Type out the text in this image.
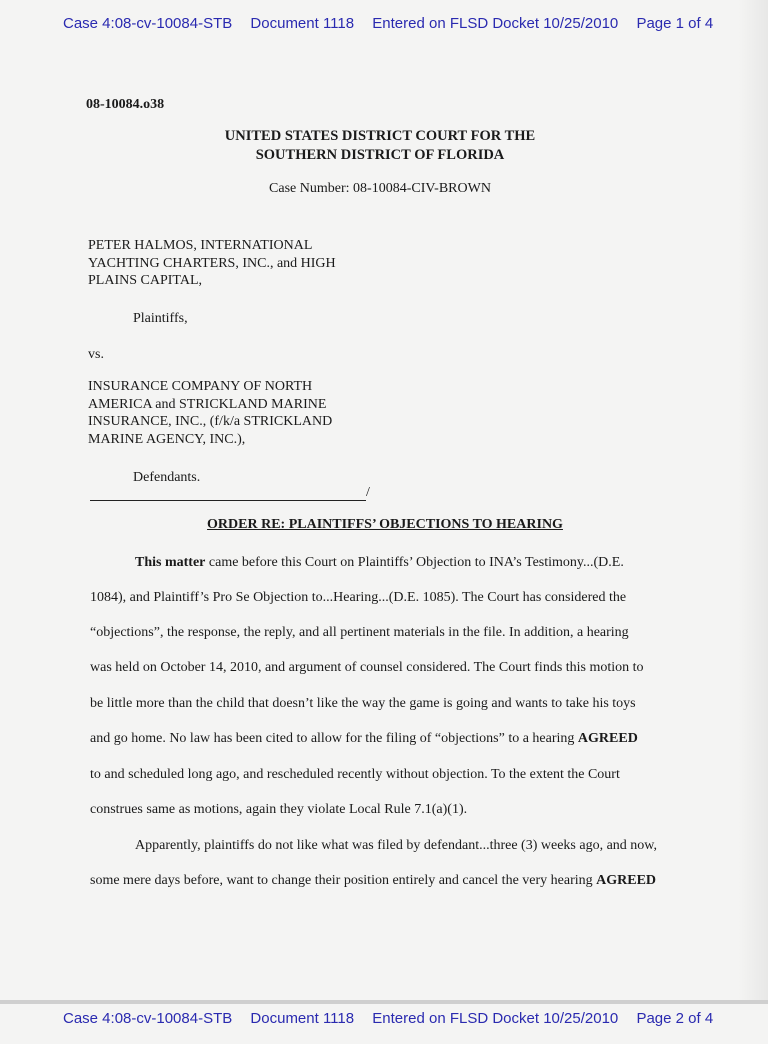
Case 4:08-cv-10084-STB Document 1118 Entered on FLSD Docket 10/25/2010 Page 1 of 4
08-10084.o38
UNITED STATES DISTRICT COURT FOR THE
SOUTHERN DISTRICT OF FLORIDA
Case Number: 08-10084-CIV-BROWN
PETER HALMOS, INTERNATIONAL
YACHTING CHARTERS, INC., and HIGH
PLAINS CAPITAL,
Plaintiffs,
vs.
INSURANCE COMPANY OF NORTH
AMERICA and STRICKLAND MARINE
INSURANCE, INC., (f/k/a STRICKLAND
MARINE AGENCY, INC.),
Defendants.
/
ORDER RE: PLAINTIFFS’ OBJECTIONS TO HEARING
This matter came before this Court on Plaintiffs’ Objection to INA’s Testimony...(D.E.
1084), and Plaintiff’s Pro Se Objection to...Hearing...(D.E. 1085). The Court has considered the
“objections”, the response, the reply, and all pertinent materials in the file. In addition, a hearing
was held on October 14, 2010, and argument of counsel considered. The Court finds this motion to
be little more than the child that doesn’t like the way the game is going and wants to take his toys
and go home. No law has been cited to allow for the filing of “objections” to a hearing AGREED
to and scheduled long ago, and rescheduled recently without objection. To the extent the Court
construes same as motions, again they violate Local Rule 7.1(a)(1).
Apparently, plaintiffs do not like what was filed by defendant...three (3) weeks ago, and now,
some mere days before, want to change their position entirely and cancel the very hearing AGREED
Case 4:08-cv-10084-STB Document 1118 Entered on FLSD Docket 10/25/2010 Page 2 of 4
